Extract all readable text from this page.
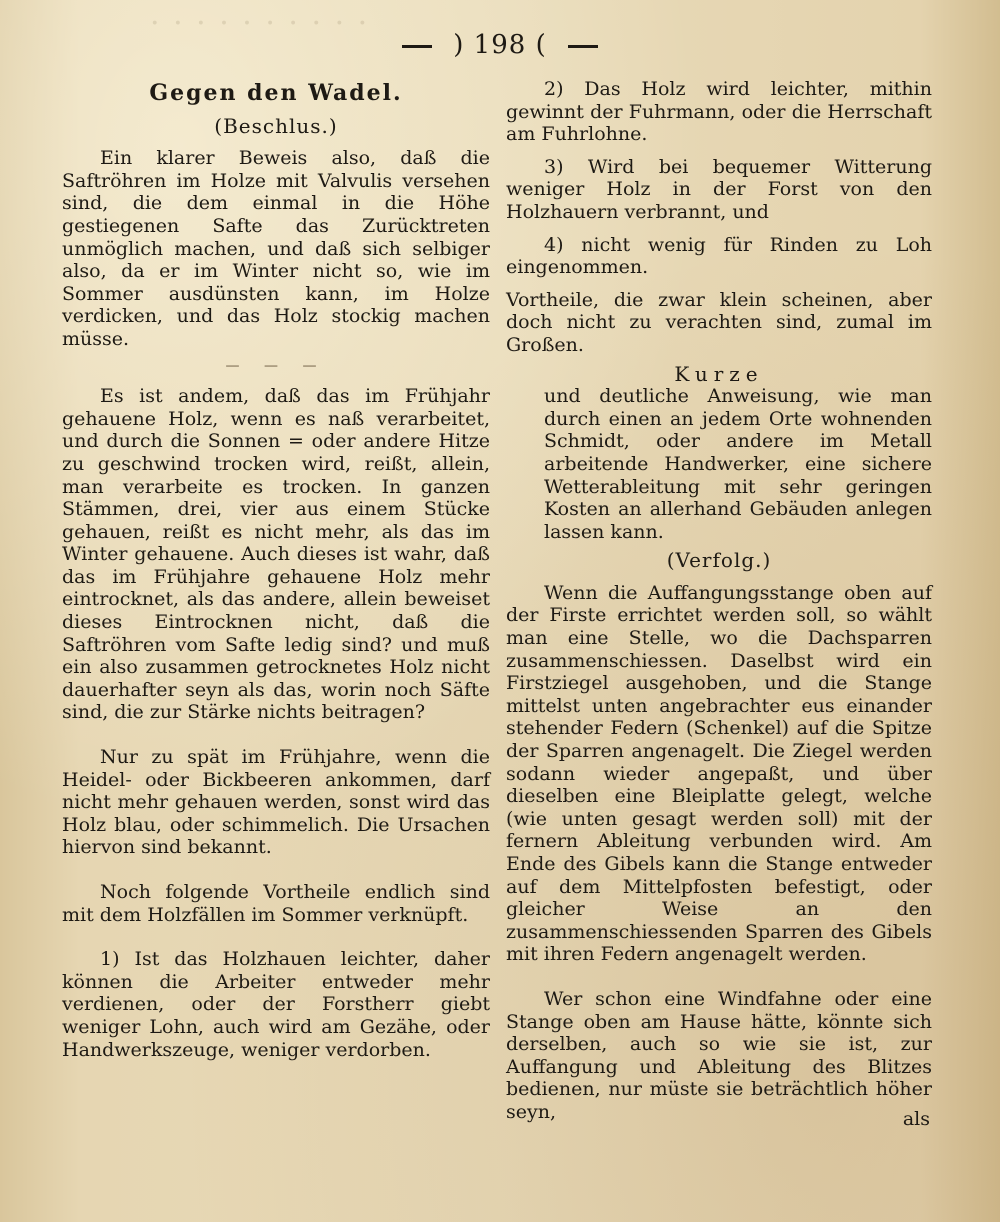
· · · · · · · · · ·
) 198 (
Gegen den Wadel.
(Beschlus.)

Ein klarer Beweis also, daß die Saftröhren im Holze mit Valvulis versehen sind, die dem einmal in die Höhe gestiegenen Safte das Zurücktreten unmöglich machen, und daß sich selbiger also, da er im Winter nicht so, wie im Sommer ausdünsten kann, im Holze verdicken, und das Holz stockig machen müsse.

— — —

Es ist andem, daß das im Frühjahr gehauene Holz, wenn es naß verarbeitet, und durch die Sonnen = oder andere Hitze zu geschwind trocken wird, reißt, allein, man verarbeite es trocken. In ganzen Stämmen, drei, vier aus einem Stücke gehauen, reißt es nicht mehr, als das im Winter gehauene. Auch dieses ist wahr, daß das im Frühjahre gehauene Holz mehr eintrocknet, als das andere, allein beweiset dieses Eintrocknen nicht, daß die Saftröhren vom Safte ledig sind? und muß ein also zusammen getrocknetes Holz nicht dauerhafter seyn als das, worin noch Säfte sind, die zur Stärke nichts beitragen?

Nur zu spät im Frühjahre, wenn die Heidel- oder Bickbeeren ankommen, darf nicht mehr gehauen werden, sonst wird das Holz blau, oder schimmelich. Die Ursachen hiervon sind bekannt.

Noch folgende Vortheile endlich sind mit dem Holzfällen im Sommer verknüpft.

1) Ist das Holzhauen leichter, daher können die Arbeiter entweder mehr verdienen, oder der Forstherr giebt weniger Lohn, auch wird am Gezähe, oder Handwerkszeuge, weniger verdorben.

2) Das Holz wird leichter, mithin gewinnt der Fuhrmann, oder die Herrschaft am Fuhrlohne.

3) Wird bei bequemer Witterung weniger Holz in der Forst von den Holzhauern verbrannt, und

4) nicht wenig für Rinden zu Loh eingenommen.

Vortheile, die zwar klein scheinen, aber doch nicht zu verachten sind, zumal im Großen.

Kurze

und deutliche Anweisung, wie man durch einen an jedem Orte wohnenden Schmidt, oder andere im Metall arbeitende Handwerker, eine sichere Wetterableitung mit sehr geringen Kosten an allerhand Gebäuden anlegen lassen kann.

(Verfolg.)

Wenn die Auffangungsstange oben auf der Firste errichtet werden soll, so wählt man eine Stelle, wo die Dachsparren zusammenschiessen. Daselbst wird ein Firstziegel ausgehoben, und die Stange mittelst unten angebrachter eus einander stehender Federn (Schenkel) auf die Spitze der Sparren angenagelt. Die Ziegel werden sodann wieder angepaßt, und über dieselben eine Bleiplatte gelegt, welche (wie unten gesagt werden soll) mit der fernern Ableitung verbunden wird. Am Ende des Gibels kann die Stange entweder auf dem Mittelpfosten befestigt, oder gleicher Weise an den zusammenschiessenden Sparren des Gibels mit ihren Federn angenagelt werden.

Wer schon eine Windfahne oder eine Stange oben am Hause hätte, könnte sich derselben, auch so wie sie ist, zur Auffangung und Ableitung des Blitzes bedienen, nur müste sie beträchtlich höher seyn,	als
